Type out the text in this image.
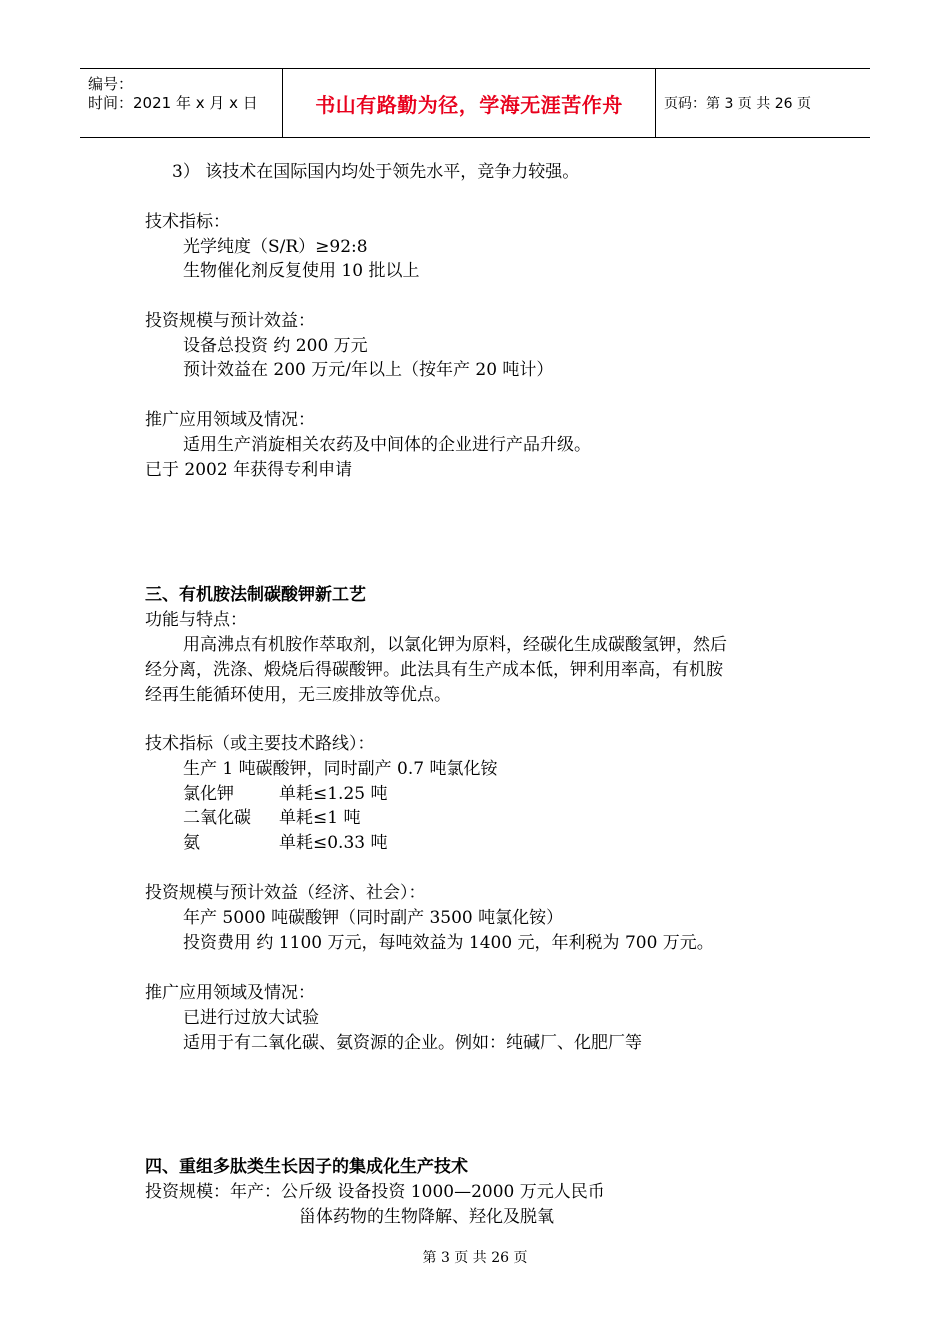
编号：
时间：2021 年 x 月 x 日	书山有路勤为径，学海无涯苦作舟	页码：第 3 页 共 26 页
3） 该技术在国际国内均处于领先水平，竞争力较强。
技术指标：
光学纯度（S/R）≥92:8
生物催化剂反复使用 10 批以上
投资规模与预计效益：
设备总投资 约 200 万元
预计效益在 200 万元/年以上（按年产 20 吨计）
推广应用领域及情况：
适用生产消旋相关农药及中间体的企业进行产品升级。
已于 2002 年获得专利申请
三、有机胺法制碳酸钾新工艺
功能与特点：
用高沸点有机胺作萃取剂，以氯化钾为原料，经碳化生成碳酸氢钾，然后
经分离，洗涤、煅烧后得碳酸钾。此法具有生产成本低，钾利用率高，有机胺
经再生能循环使用，无三废排放等优点。
技术指标（或主要技术路线）：
生产 1 吨碳酸钾，同时副产 0.7 吨氯化铵
氯化钾	单耗≤1.25 吨
二氧化碳 单耗≤1 吨
氨	单耗≤0.33 吨
投资规模与预计效益（经济、社会）：
年产 5000 吨碳酸钾（同时副产 3500 吨氯化铵）
投资费用 约 1100 万元，每吨效益为 1400 元，年利税为 700 万元。
推广应用领域及情况：
已进行过放大试验
适用于有二氧化碳、氨资源的企业。例如：纯碱厂、化肥厂等
四、重组多肽类生长因子的集成化生产技术
投资规模：年产：公斤级 设备投资 1000—2000 万元人民币
甾体药物的生物降解、羟化及脱氧
第 3 页 共 26 页
